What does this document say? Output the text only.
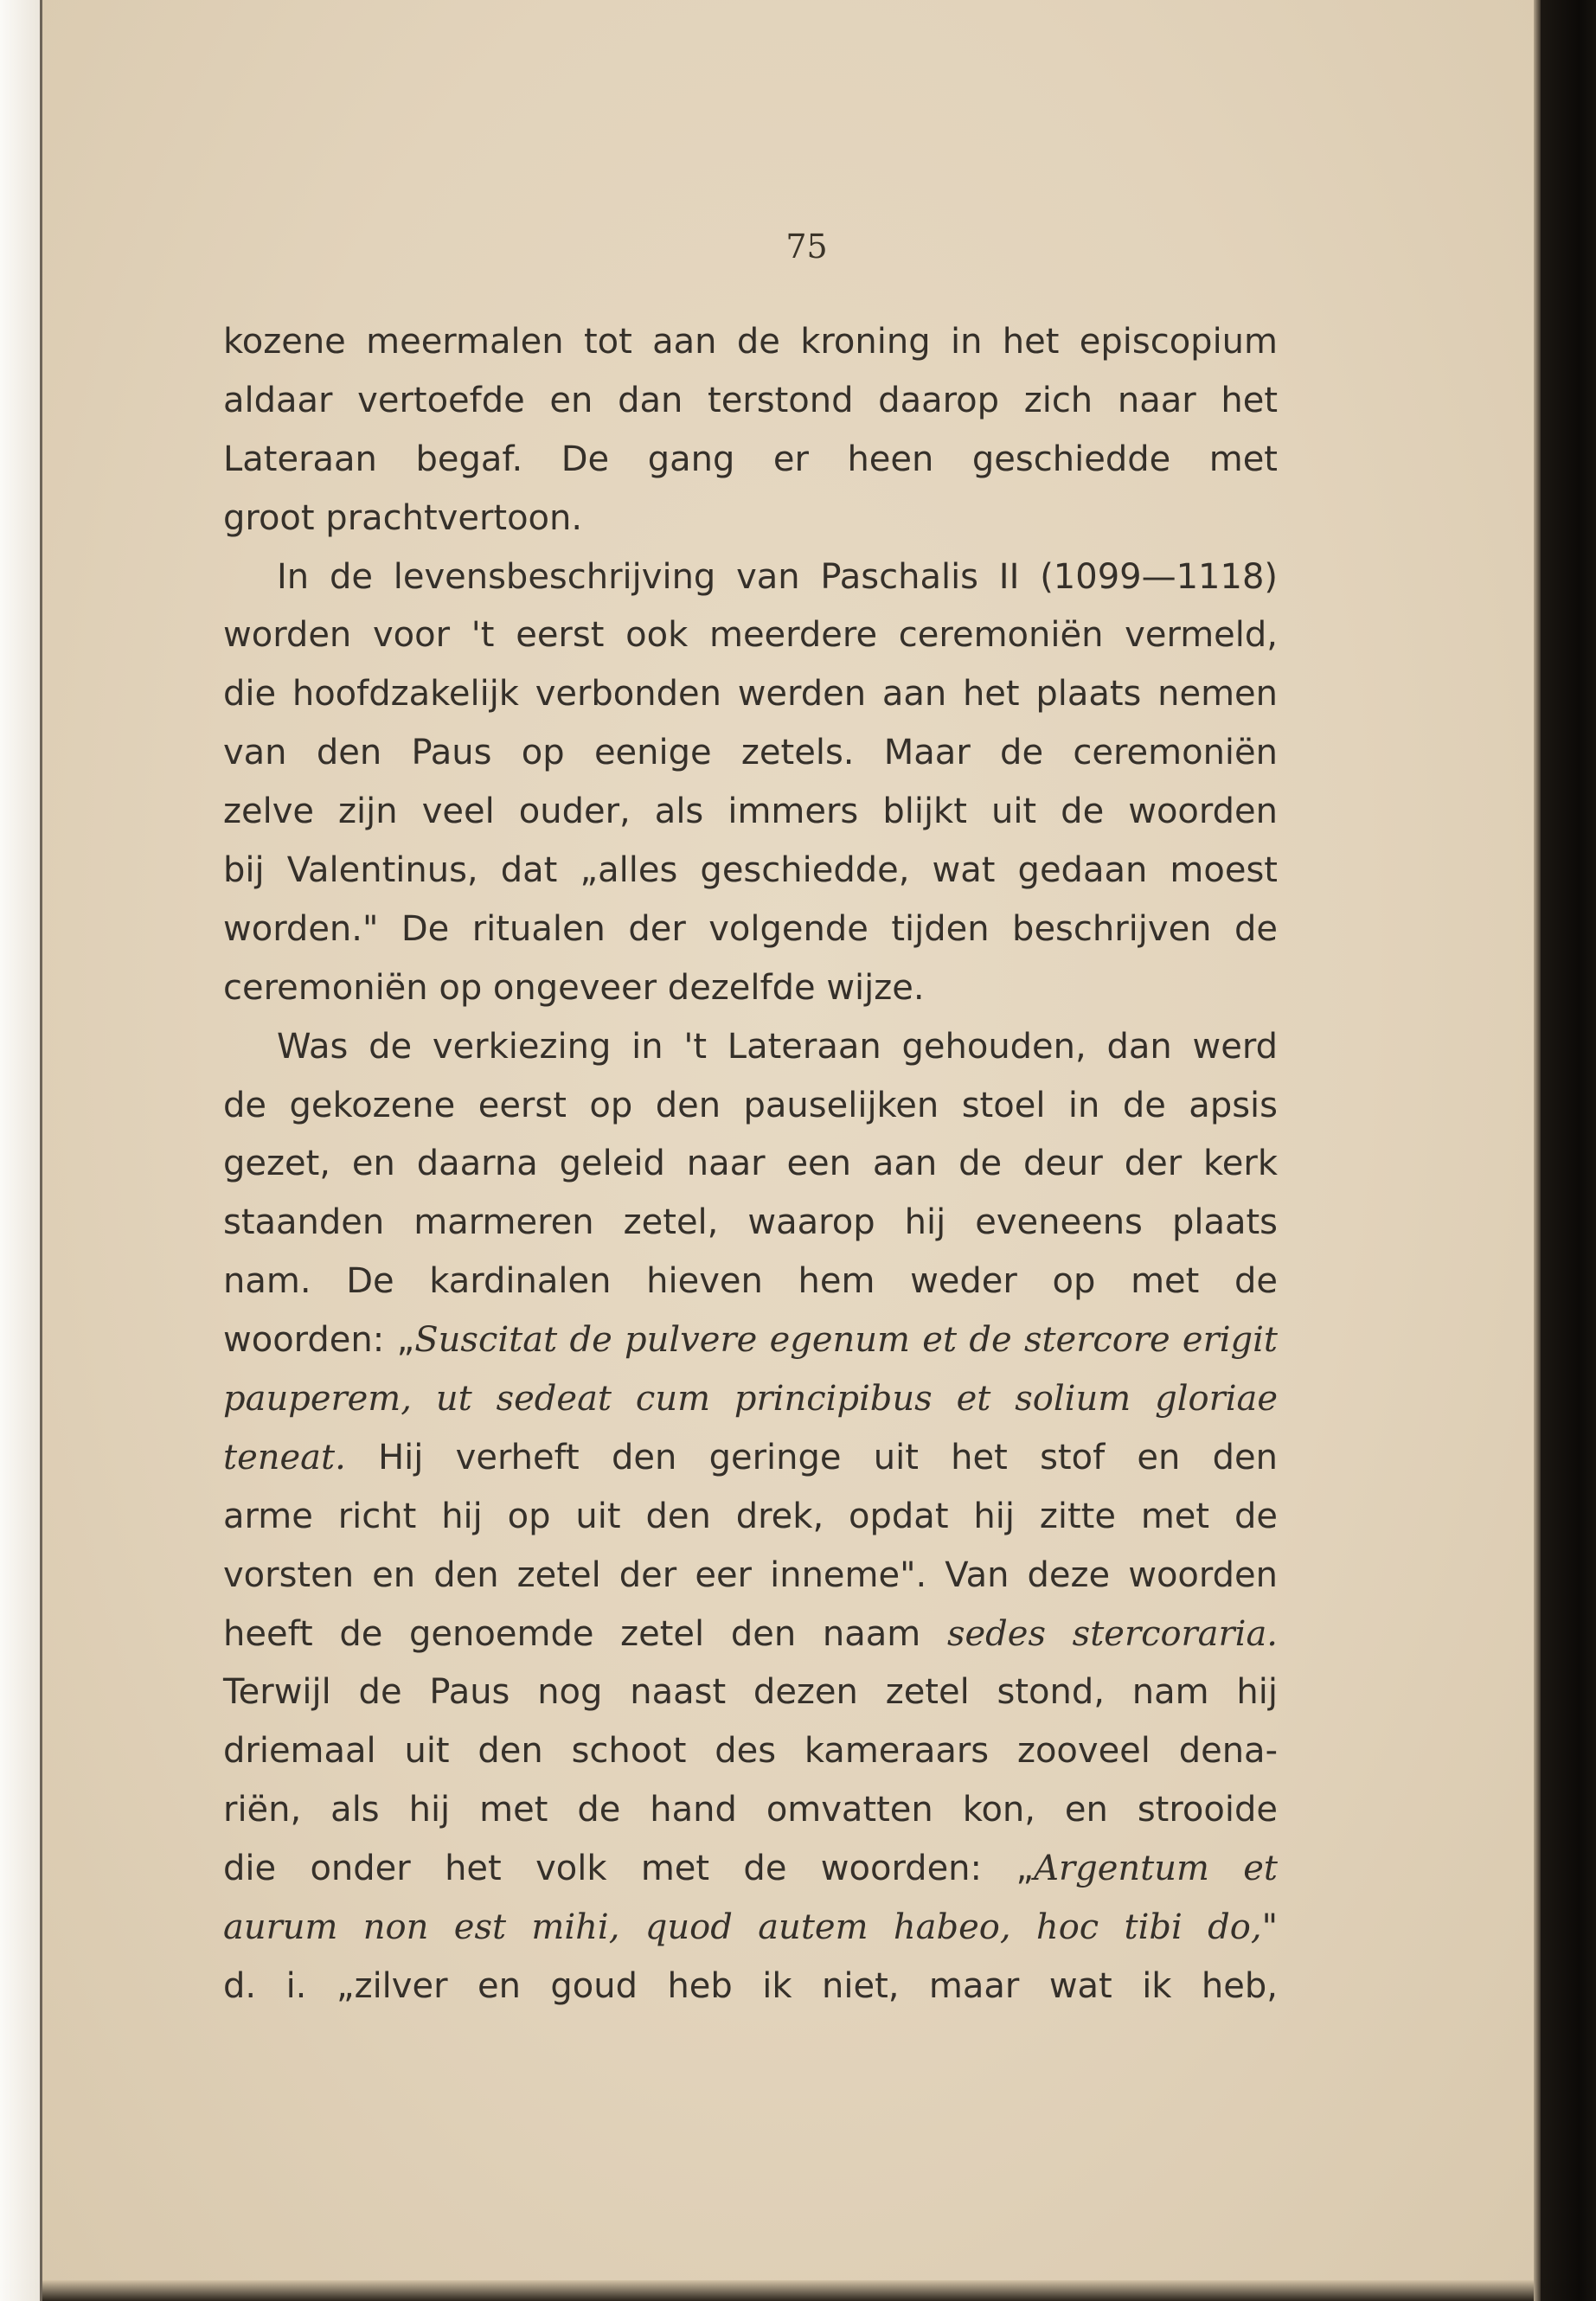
75
kozene meermalen tot aan de kroning in het episcopium
aldaar vertoefde en dan terstond daarop zich naar het
Lateraan begaf. De gang er heen geschiedde met
groot prachtvertoon.
In de levensbeschrijving van Paschalis II (1099—1118)
worden voor 't eerst ook meerdere ceremoniën vermeld,
die hoofdzakelijk verbonden werden aan het plaats nemen
van den Paus op eenige zetels. Maar de ceremoniën
zelve zijn veel ouder, als immers blijkt uit de woorden
bij Valentinus, dat „alles geschiedde, wat gedaan moest
worden." De ritualen der volgende tijden beschrijven de
ceremoniën op ongeveer dezelfde wijze.
Was de verkiezing in 't Lateraan gehouden, dan werd
de gekozene eerst op den pauselijken stoel in de apsis
gezet, en daarna geleid naar een aan de deur der kerk
staanden marmeren zetel, waarop hij eveneens plaats
nam. De kardinalen hieven hem weder op met de
woorden: „Suscitat de pulvere egenum et de stercore erigit
pauperem, ut sedeat cum principibus et solium gloriae
teneat. Hij verheft den geringe uit het stof en den
arme richt hij op uit den drek, opdat hij zitte met de
vorsten en den zetel der eer inneme". Van deze woorden
heeft de genoemde zetel den naam sedes stercoraria.
Terwijl de Paus nog naast dezen zetel stond, nam hij
driemaal uit den schoot des kameraars zooveel dena-
riën, als hij met de hand omvatten kon, en strooide
die onder het volk met de woorden: „Argentum et
aurum non est mihi, quod autem habeo, hoc tibi do,"
d. i. „zilver en goud heb ik niet, maar wat ik heb,
